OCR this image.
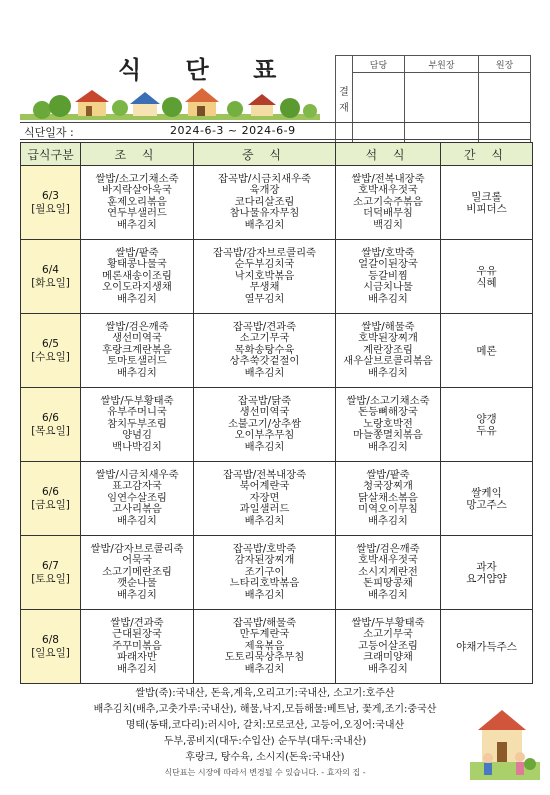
식 단 표
결재	담당	부원장	원장

식단일자 :	2024-6-3 ~ 2024-6-9
급식구분	조 식	중 식	석 식	간 식

6/3
[월요일]	쌀밥/소고기채소죽
바지락살아욱국
훈제오리볶음
연두부샐러드
배추김치	잡곡밥/시금치새우죽
육개장
코다리살조림
참나물유자무침
배추김치	쌀밥/전복내장죽
호박새우젓국
소고기숙주볶음
더덕배무침
백김치	밀크롤
비피더스

6/4
[화요일]	쌀밥/팥죽
황태콩나물국
메론새송이조림
오이도라지생채
배추김치	잡곡밥/감자브로콜리죽
순두부김치국
낙지호박볶음
무생채
열무김치	쌀밥/호박죽
얼갈이된장국
등갈비찜
시금치나물
배추김치	우유
식혜

6/5
[수요일]	쌀밥/검은깨죽
생선미역국
후랑크계란볶음
토마토샐러드
배추김치	잡곡밥/견과죽
소고기무국
목화송탕수육
상추쑥갓겉절이
배추김치	쌀밥/해물죽
호박된장찌개
계란장조림
새우살브로콜리볶음
배추김치	메론

6/6
[목요일]	쌀밥/두부황태죽
유부주머니국
참치두부조림
양념김
백나박김치	잡곡밥/닭죽
생선미역국
소불고기/상추쌈
오이부추무침
배추김치	쌀밥/소고기채소죽
돈등뼈해장국
노랑호박전
마늘쫑멸치볶음
배추김치	양갱
두유

6/6
[금요일]	쌀밥/시금치새우죽
표고감자국
임연수살조림
고사리볶음
배추김치	잡곡밥/전복내장죽
북어계란국
자장면
과일샐러드
배추김치	쌀밥/팥죽
청국장찌개
닭살채소볶음
미역오이무침
배추김치	쌀케익
망고주스

6/7
[토요일]	쌀밥/감자브로콜리죽
어묵국
소고기메란조림
깻순나물
배추김치	잡곡밥/호박죽
감자된장찌개
조기구이
느타리호박볶음
배추김치	쌀밥/검은깨죽
호박새우젓국
소시지계란전
돈피땅콩채
배추김치	과자
요거얌얌

6/8
[일요일]	쌀밥/견과죽
근대된장국
주꾸미볶음
파래자반
배추김치	잡곡밥/해물죽
만두계란국
제육볶음
도토리묵상추무침
배추김치	쌀밥/두부황태죽
소고기무국
고등어살조림
크래미양채
배추김치	야채가득주스
쌀밥(죽):국내산, 돈육,계육,오리고기:국내산, 소고기:호주산
배추김치(배추,고춧가루:국내산), 해물,낙지,모듬해물:베트남, 꽃게,조기:중국산
명태(동태,코다리):러시아, 갈치:모로코산, 고등어,오징어:국내산
두부,콩비지(대두:수입산) 순두부(대두:국내산)
후랑크, 탕수육, 소시지(돈육:국내산)
식단표는 시장에 따라서 변경될 수 있습니다. - 효자의 집 -
